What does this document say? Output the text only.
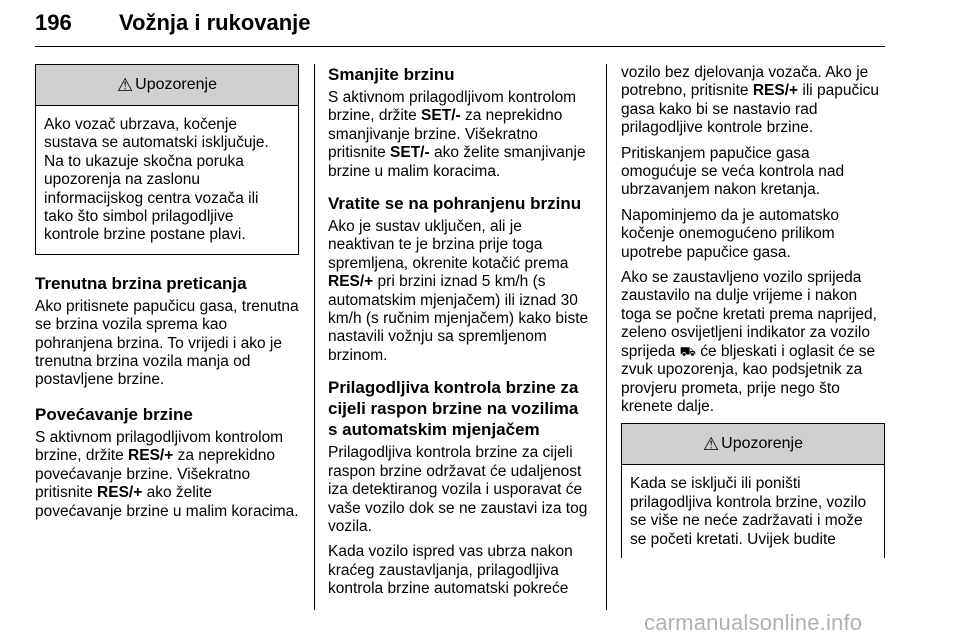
196 Vožnja i rukovanje
⚠ Upozorenje
Ako vozač ubrzava, kočenje sustava se automatski isključuje. Na to ukazuje skočna poruka upozorenja na zaslonu informacijskog centra vozača ili tako što simbol prilagodljive kontrole brzine postane plavi.
Trenutna brzina preticanja

Ako pritisnete papučicu gasa, trenutna se brzina vozila sprema kao pohranjena brzina. To vrijedi i ako je trenutna brzina vozila manja od postavljene brzine.

Povećavanje brzine

S aktivnom prilagodljivom kontrolom brzine, držite RES/+ za neprekidno povećavanje brzine. Višekratno pritisnite RES/+ ako želite povećavanje brzine u malim koracima.

Smanjite brzinu

S aktivnom prilagodljivom kontrolom brzine, držite SET/- za neprekidno smanjivanje brzine. Višekratno pritisnite SET/- ako želite smanjivanje brzine u malim koracima.

Vratite se na pohranjenu brzinu

Ako je sustav uključen, ali je neaktivan te je brzina prije toga spremljena, okrenite kotačić prema RES/+ pri brzini iznad 5 km/h (s automatskim mjenjačem) ili iznad 30 km/h (s ručnim mjenjačem) kako biste nastavili vožnju sa spremljenom brzinom.

Prilagodljiva kontrola brzine za cijeli raspon brzine na vozilima s automatskim mjenjačem

Prilagodljiva kontrola brzine za cijeli raspon brzine održavat će udaljenost iza detektiranog vozila i usporavat će vaše vozilo dok se ne zaustavi iza tog vozila.

Kada vozilo ispred vas ubrza nakon kraćeg zaustavljanja, prilagodljiva kontrola brzine automatski pokreće

vozilo bez djelovanja vozača. Ako je potrebno, pritisnite RES/+ ili papučicu gasa kako bi se nastavio rad prilagodljive kontrole brzine.

Pritiskanjem papučice gasa omogućuje se veća kontrola nad ubrzavanjem nakon kretanja.

Napominjemo da je automatsko kočenje onemogućeno prilikom upotrebe papučice gasa.

Ako se zaustavljeno vozilo sprijeda zaustavilo na dulje vrijeme i nakon toga se počne kretati prema naprijed, zeleno osvijetljeni indikator za vozilo sprijeda ⛟ će bljeskati i oglasit će se zvuk upozorenja, kao podsjetnik za provjeru prometa, prije nego što krenete dalje.

⚠ Upozorenje
Kada se isključi ili poništi prilagodljiva kontrola brzine, vozilo se više ne neće zadržavati i može se početi kretati. Uvijek budite
carmanualsonline.info
